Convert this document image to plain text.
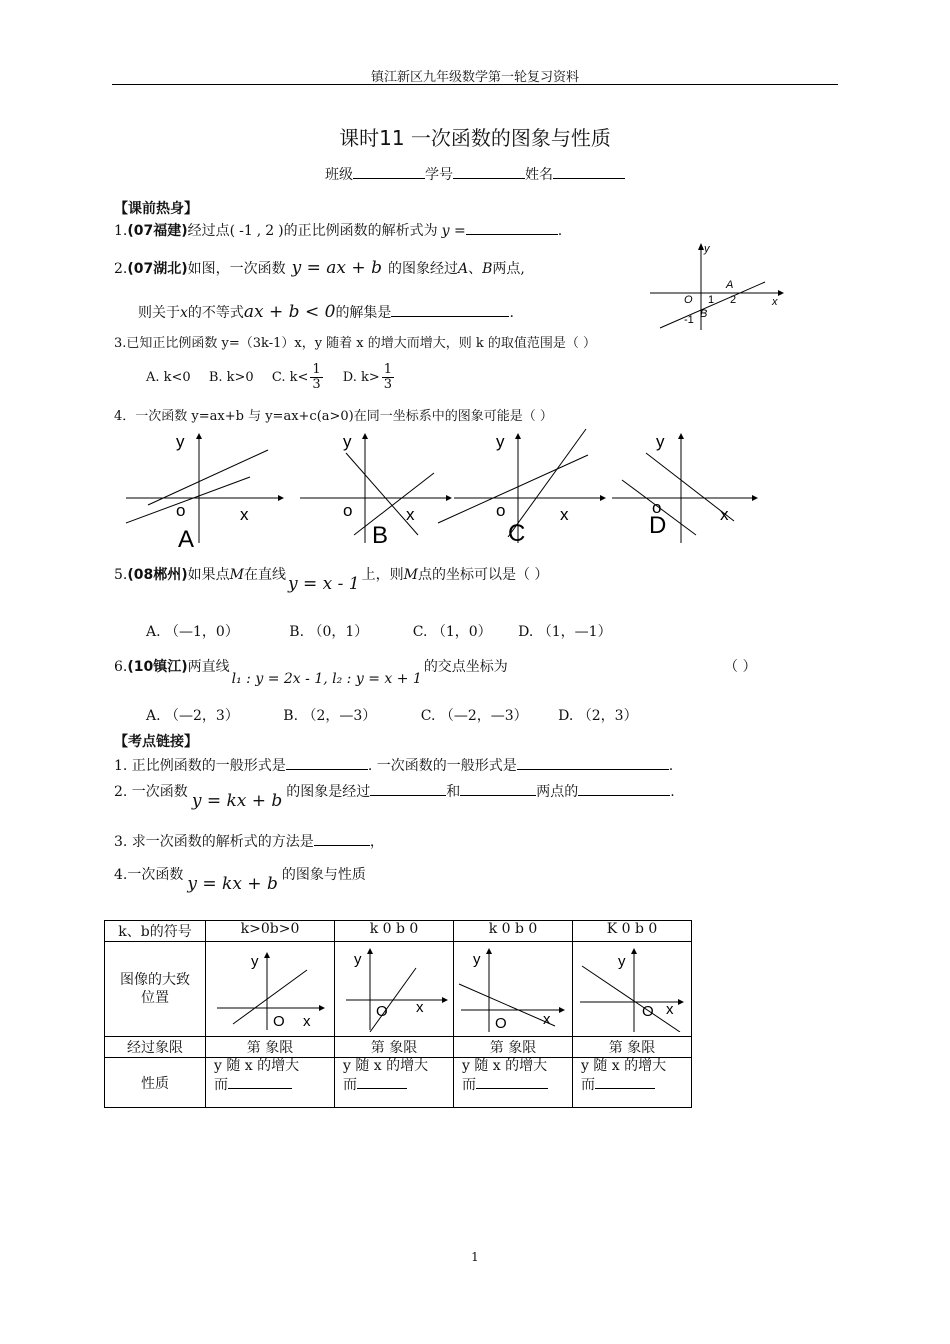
镇江新区九年级数学第一轮复习资料
课时11 一次函数的图象与性质
班级	学号	姓名
【课前热身】
1.(07福建)经过点( -1 , 2 )的正比例函数的解析式为 y =	.
2.(07湖北)如图，一次函数 y = ax + b 的图象经过A、B两点,
则关于x的不等式ax + b < 0的解集是	.
y
x
O 1 2
-1
A
B
3.已知正比例函数 y=（3k-1）x，y 随着 x 的增大而增大，则 k 的取值范围是（ ）
A. k<0 B. k>0 C. $k< \frac{1}{3} D$. $k> \frac{1}{3}$
4．一次函数 y=ax+b 与 y=ax+c(a>0)在同一坐标系中的图象可能是（ ）
y
x
o
A
y
x
o
B
y
x
o
C
y
x
o
D
5.(08郴州)如果点M在直线 y = x - 1 上，则M点的坐标可以是（ ）
A. （—1，0）	B. （0，1）	C. （1，0） D. （1，—1）
6.(10镇江)两直线l₁ : y = 2x - 1, l₂ : y = x + 1的交点坐标为	（ ）
A. （—2，3）	B. （2，—3）	C. （—2，—3） D. （2，3）
【考点链接】
1. 正比例函数的一般形式是	. 一次函数的一般形式是	.
2. 一次函数 y = kx + b 的图象是经过	和	两点的	.
3. 求一次函数的解析式的方法是	，
4.一次函数 y = kx + b 的图象与性质
k、b的符号	k>0b>0	k 0 b 0	k 0 b 0	K 0 b 0
图像的大致位置	y
x
O	y
x
O	y
x
O	y
x
O

经过象限	第 象限	第 象限	第 象限	第 象限
性质	y 随 x 的增大
而	y 随 x 的增大
而	y 随 x 的增大
而	y 随 x 的增大
而
1
